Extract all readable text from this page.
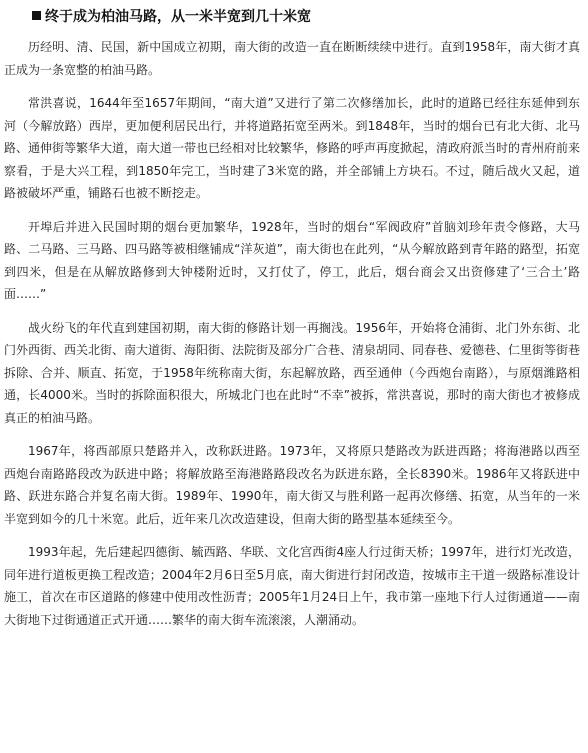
终于成为柏油马路，从一米半宽到几十米宽

历经明、清、民国，新中国成立初期，南大街的改造一直在断断续续中进行。直到1958年，南大街才真正成为一条宽整的柏油马路。

常洪喜说，1644年至1657年期间，“南大道”又进行了第二次修缮加长，此时的道路已经往东延伸到东河（今解放路）西岸，更加便利居民出行，并将道路拓宽至两米。到1848年，当时的烟台已有北大街、北马路、通伸街等繁华大道，南大道一带也已经相对比较繁华，修路的呼声再度掀起，清政府派当时的青州府前来察看，于是大兴工程，到1850年完工，当时建了3米宽的路，并全部铺上方块石。不过，随后战火又起，道路被破坏严重，铺路石也被不断挖走。

开埠后并进入民国时期的烟台更加繁华，1928年，当时的烟台“军阀政府”首脑刘珍年责令修路，大马路、二马路、三马路、四马路等被相继铺成“洋灰道”，南大街也在此列，“从今解放路到青年路的路型，拓宽到四米，但是在从解放路修到大钟楼附近时，又打仗了，停工，此后，烟台商会又出资修建了‘三合土’路面……”

战火纷飞的年代直到建国初期，南大街的修路计划一再搁浅。1956年，开始将仓浦街、北门外东街、北门外西街、西关北街、南大道街、海阳街、法院街及部分广合巷、清泉胡同、同春巷、爱德巷、仁里街等街巷拆除、合并、顺直、拓宽，于1958年统称南大街，东起解放路，西至通伸（今西炮台南路），与原烟潍路相通，长4000米。当时的拆除面积很大，所城北门也在此时“不幸”被拆，常洪喜说，那时的南大街也才被修成真正的柏油马路。

1967年，将西部原只楚路并入，改称跃进路。1973年，又将原只楚路改为跃进西路；将海港路以西至西炮台南路路段改为跃进中路；将解放路至海港路路段改名为跃进东路，全长8390米。1986年又将跃进中路、跃进东路合并复名南大街。1989年、1990年，南大街又与胜利路一起再次修缮、拓宽，从当年的一米半宽到如今的几十米宽。此后，近年来几次改造建设，但南大街的路型基本延续至今。

1993年起，先后建起四德街、毓西路、华联、文化宫西街4座人行过街天桥；1997年，进行灯光改造，同年进行道板更换工程改造；2004年2月6日至5月底，南大街进行封闭改造，按城市主干道一级路标准设计施工，首次在市区道路的修建中使用改性沥青；2005年1月24日上午，我市第一座地下行人过街通道——南大街地下过街通道正式开通……繁华的南大街车流滚滚，人潮涌动。
